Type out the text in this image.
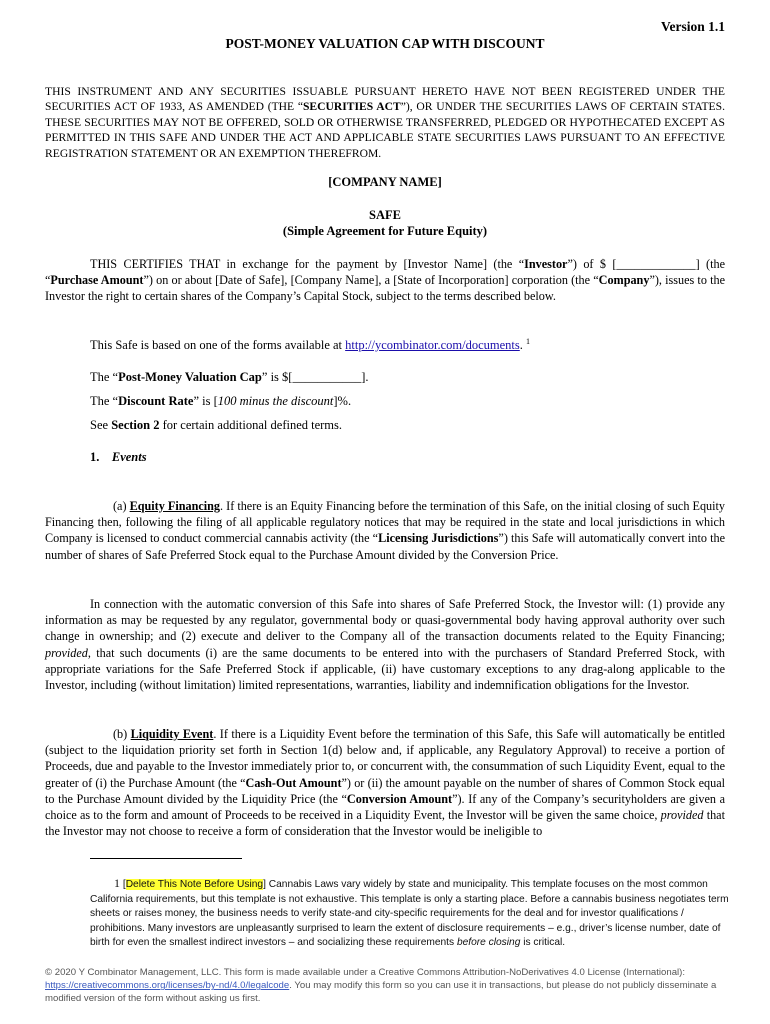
Version 1.1
POST-MONEY VALUATION CAP WITH DISCOUNT
THIS INSTRUMENT AND ANY SECURITIES ISSUABLE PURSUANT HERETO HAVE NOT BEEN REGISTERED UNDER THE SECURITIES ACT OF 1933, AS AMENDED (THE “SECURITIES ACT”), OR UNDER THE SECURITIES LAWS OF CERTAIN STATES. THESE SECURITIES MAY NOT BE OFFERED, SOLD OR OTHERWISE TRANSFERRED, PLEDGED OR HYPOTHECATED EXCEPT AS PERMITTED IN THIS SAFE AND UNDER THE ACT AND APPLICABLE STATE SECURITIES LAWS PURSUANT TO AN EFFECTIVE REGISTRATION STATEMENT OR AN EXEMPTION THEREFROM.
[COMPANY NAME]
SAFE
(Simple Agreement for Future Equity)
THIS CERTIFIES THAT in exchange for the payment by [Investor Name] (the “Investor”) of $ [_____________] (the “Purchase Amount”) on or about [Date of Safe], [Company Name], a [State of Incorporation] corporation (the “Company”), issues to the Investor the right to certain shares of the Company’s Capital Stock, subject to the terms described below.
This Safe is based on one of the forms available at http://ycombinator.com/documents. $^1$
The “Post-Money Valuation Cap” is $[___________].
The “Discount Rate” is [100 minus the discount]%.
See Section 2 for certain additional defined terms.
1. Events
(a) Equity Financing. If there is an Equity Financing before the termination of this Safe, on the initial closing of such Equity Financing then, following the filing of all applicable regulatory notices that may be required in the state and local jurisdictions in which Company is licensed to conduct commercial cannabis activity (the “Licensing Jurisdictions”) this Safe will automatically convert into the number of shares of Safe Preferred Stock equal to the Purchase Amount divided by the Conversion Price.
In connection with the automatic conversion of this Safe into shares of Safe Preferred Stock, the Investor will: (1) provide any information as may be requested by any regulator, governmental body or quasi-governmental body having approval authority over such change in ownership; and (2) execute and deliver to the Company all of the transaction documents related to the Equity Financing; provided, that such documents (i) are the same documents to be entered into with the purchasers of Standard Preferred Stock, with appropriate variations for the Safe Preferred Stock if applicable, (ii) have customary exceptions to any drag-along applicable to the Investor, including (without limitation) limited representations, warranties, liability and indemnification obligations for the Investor.
(b) Liquidity Event. If there is a Liquidity Event before the termination of this Safe, this Safe will automatically be entitled (subject to the liquidation priority set forth in Section 1(d) below and, if applicable, any Regulatory Approval) to receive a portion of Proceeds, due and payable to the Investor immediately prior to, or concurrent with, the consummation of such Liquidity Event, equal to the greater of (i) the Purchase Amount (the “Cash-Out Amount”) or (ii) the amount payable on the number of shares of Common Stock equal to the Purchase Amount divided by the Liquidity Price (the “Conversion Amount”). If any of the Company’s securityholders are given a choice as to the form and amount of Proceeds to be received in a Liquidity Event, the Investor will be given the same choice, provided that the Investor may not choose to receive a form of consideration that the Investor would be ineligible to
1 [Delete This Note Before Using] Cannabis Laws vary widely by state and municipality. This template focuses on the most common California requirements, but this template is not exhaustive. This template is only a starting place. Before a cannabis business negotiates term sheets or raises money, the business needs to verify state-and city-specific requirements for the deal and for investor qualifications / prohibitions. Many investors are unpleasantly surprised to learn the extent of disclosure requirements – e.g., driver’s license number, date of birth for even the smallest indirect investors – and socializing these requirements before closing is critical.
© 2020 Y Combinator Management, LLC. This form is made available under a Creative Commons Attribution-NoDerivatives 4.0 License (International): https://creativecommons.org/licenses/by-nd/4.0/legalcode. You may modify this form so you can use it in transactions, but please do not publicly disseminate a modified version of the form without asking us first.
